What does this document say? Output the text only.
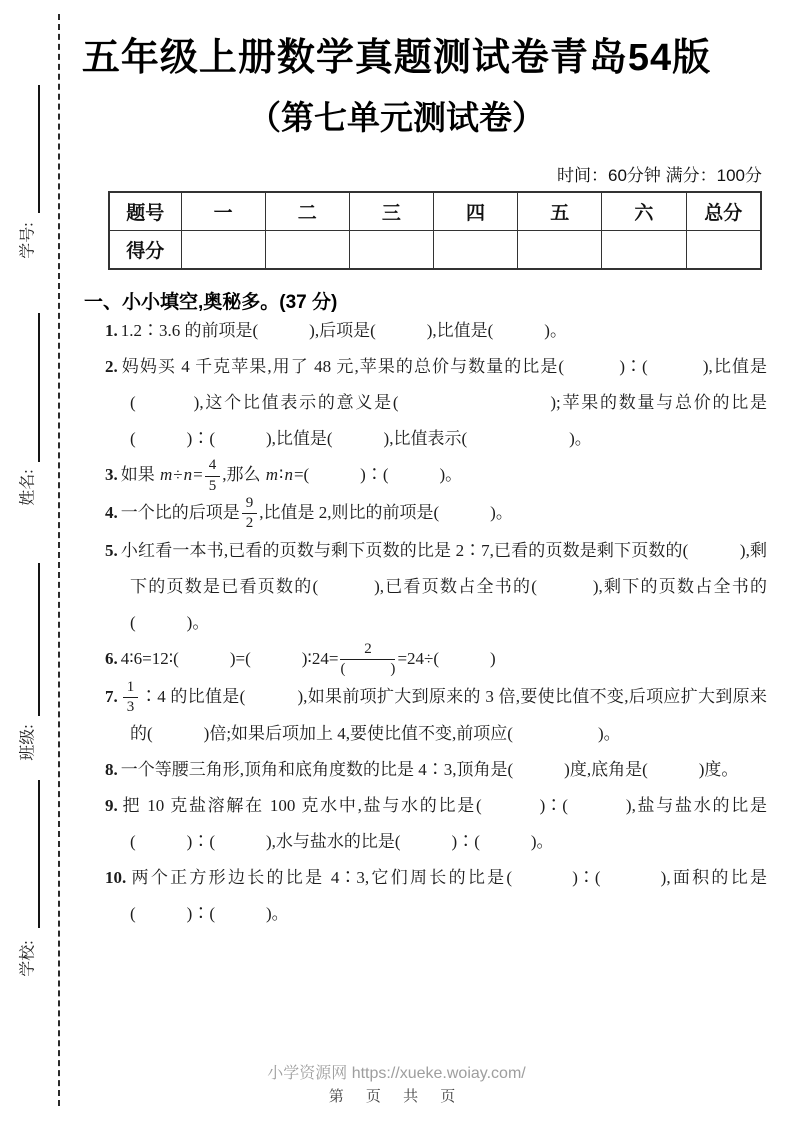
学号:
姓名:
班级:
学校:
五年级上册数学真题测试卷青岛54版
（第七单元测试卷）
时间：60分钟 满分：100分
题号	一	二	三	四	五	六	总分
得分							
一、小小填空,奥秘多。(37 分)
1. 1.2∶3.6 的前项是(　　　),后项是(　　　),比值是(　　　)。
2. 妈妈买 4 千克苹果,用了 48 元,苹果的总价与数量的比是(　　　)∶(　　　),比值是(　　　),这个比值表示的意义是(　　　　　　　　);苹果的数量与总价的比是(　　　)∶(　　　),比值是(　　　),比值表示(　　　　　　)。
3. 如果 $m\div n= \frac{4}{5}$ ,那么 m∶n=(　　　)∶(　　　)。
4. 一个比的后项是 $\frac{9}{2}$ ,比值是 2,则比的前项是(　　　)。
5. 小红看一本书,已看的页数与剩下页数的比是 2∶7,已看的页数是剩下页数的(　　　),剩下的页数是已看页数的(　　　),已看页数占全书的(　　　),剩下的页数占全书的(　　　)。
6. 4∶6=12∶(　　　)=(　　　)∶24= $\frac{2}{( )} =24\div$(　　　)
7. $\frac{1}{3}$ ∶4 的比值是(　　　),如果前项扩大到原来的 3 倍,要使比值不变,后项应扩大到原来的(　　　)倍;如果后项加上 4,要使比值不变,前项应(　　　　　)。
8. 一个等腰三角形,顶角和底角度数的比是 4∶3,顶角是(　　　)度,底角是(　　　)度。
9. 把 10 克盐溶解在 100 克水中,盐与水的比是(　　　)∶(　　　),盐与盐水的比是(　　　)∶(　　　),水与盐水的比是(　　　)∶(　　　)。
10. 两个正方形边长的比是 4∶3,它们周长的比是(　　　)∶(　　　),面积的比是(　　　)∶(　　　)。
小学资源网 https://xueke.woiay.com/
第 页 共 页
